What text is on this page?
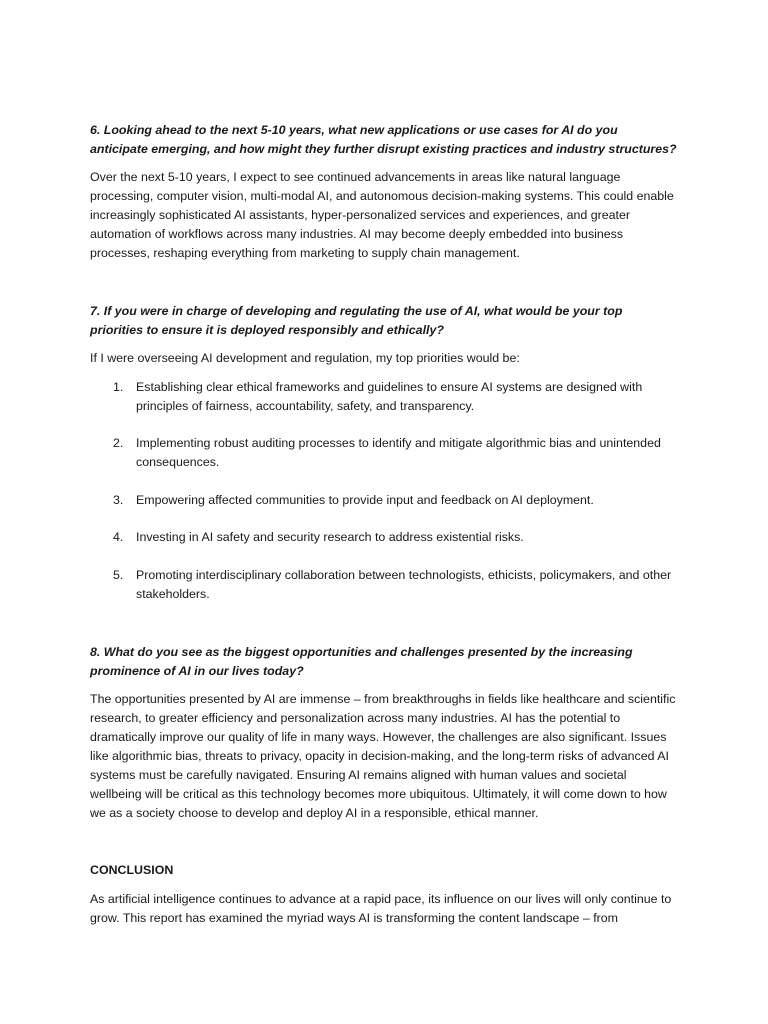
6. Looking ahead to the next 5-10 years, what new applications or use cases for AI do you anticipate emerging, and how might they further disrupt existing practices and industry structures?

Over the next 5-10 years, I expect to see continued advancements in areas like natural language processing, computer vision, multi-modal AI, and autonomous decision-making systems. This could enable increasingly sophisticated AI assistants, hyper-personalized services and experiences, and greater automation of workflows across many industries. AI may become deeply embedded into business processes, reshaping everything from marketing to supply chain management.

7. If you were in charge of developing and regulating the use of AI, what would be your top priorities to ensure it is deployed responsibly and ethically?

If I were overseeing AI development and regulation, my top priorities would be:

1. Establishing clear ethical frameworks and guidelines to ensure AI systems are designed with principles of fairness, accountability, safety, and transparency.
2. Implementing robust auditing processes to identify and mitigate algorithmic bias and unintended consequences.
3. Empowering affected communities to provide input and feedback on AI deployment.
4. Investing in AI safety and security research to address existential risks.
5. Promoting interdisciplinary collaboration between technologists, ethicists, policymakers, and other stakeholders.

8. What do you see as the biggest opportunities and challenges presented by the increasing prominence of AI in our lives today?

The opportunities presented by AI are immense – from breakthroughs in fields like healthcare and scientific research, to greater efficiency and personalization across many industries. AI has the potential to dramatically improve our quality of life in many ways. However, the challenges are also significant. Issues like algorithmic bias, threats to privacy, opacity in decision-making, and the long-term risks of advanced AI systems must be carefully navigated. Ensuring AI remains aligned with human values and societal wellbeing will be critical as this technology becomes more ubiquitous. Ultimately, it will come down to how we as a society choose to develop and deploy AI in a responsible, ethical manner.

CONCLUSION

As artificial intelligence continues to advance at a rapid pace, its influence on our lives will only continue to grow. This report has examined the myriad ways AI is transforming the content landscape – from
